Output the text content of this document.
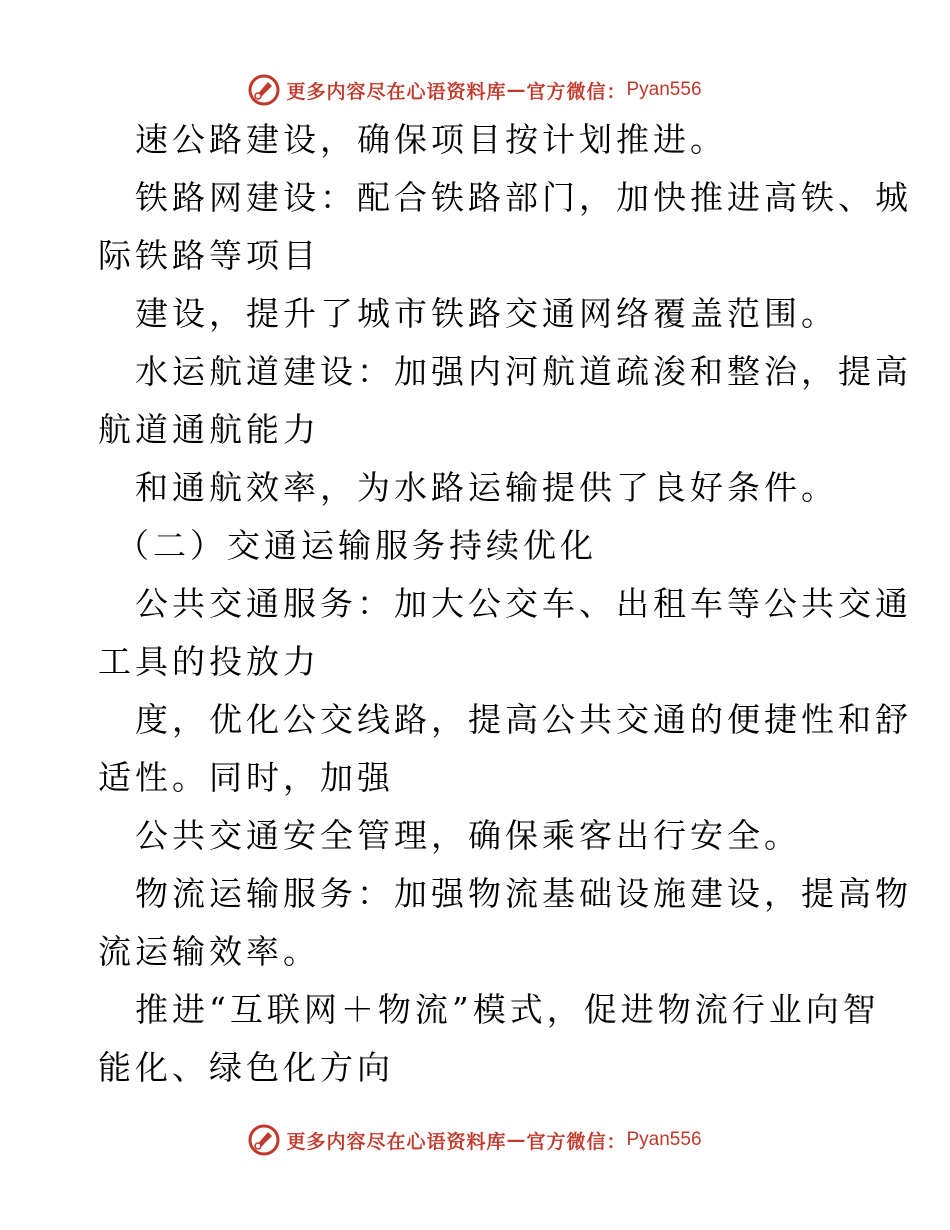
更多内容尽在心语资料库 — 官方微信： Pyan556
速公路建设，确保项目按计划推进。
铁路网建设：配合铁路部门，加快推进高铁、城
际铁路等项目
建设，提升了城市铁路交通网络覆盖范围。
水运航道建设：加强内河航道疏浚和整治，提高
航道通航能力
和通航效率，为水路运输提供了良好条件。
（二）交通运输服务持续优化
公共交通服务：加大公交车、出租车等公共交通
工具的投放力
度，优化公交线路，提高公共交通的便捷性和舒
适性。同时，加强
公共交通安全管理，确保乘客出行安全。
物流运输服务：加强物流基础设施建设，提高物
流运输效率。
推进“互联网＋物流”模式，促进物流行业向智
能化、绿色化方向
更多内容尽在心语资料库 — 官方微信： Pyan556
